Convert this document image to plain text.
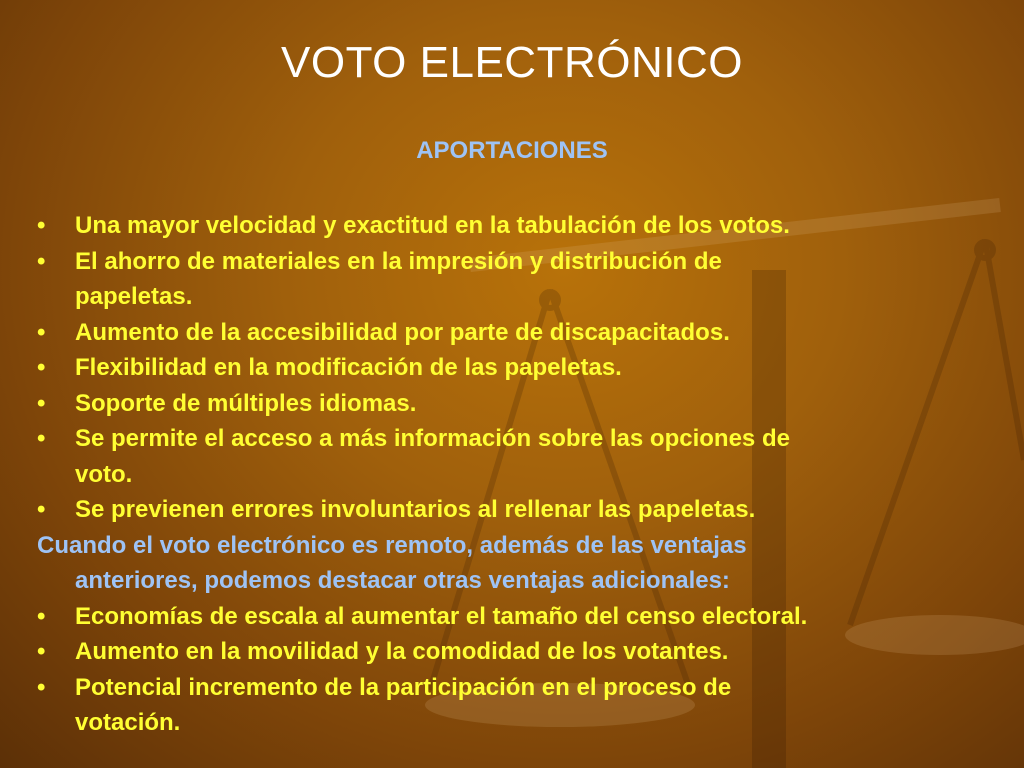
VOTO ELECTRÓNICO
APORTACIONES
• Una mayor velocidad y exactitud en la tabulación de los votos.
• El ahorro de materiales en la impresión y distribución de
papeletas.
• Aumento de la accesibilidad por parte de discapacitados.
• Flexibilidad en la modificación de las papeletas.
• Soporte de múltiples idiomas.
• Se permite el acceso a más información sobre las opciones de
voto.
• Se previenen errores involuntarios al rellenar las papeletas.
Cuando el voto electrónico es remoto, además de las ventajas
anteriores, podemos destacar otras ventajas adicionales:
• Economías de escala al aumentar el tamaño del censo electoral.
• Aumento en la movilidad y la comodidad de los votantes.
• Potencial incremento de la participación en el proceso de
votación.
